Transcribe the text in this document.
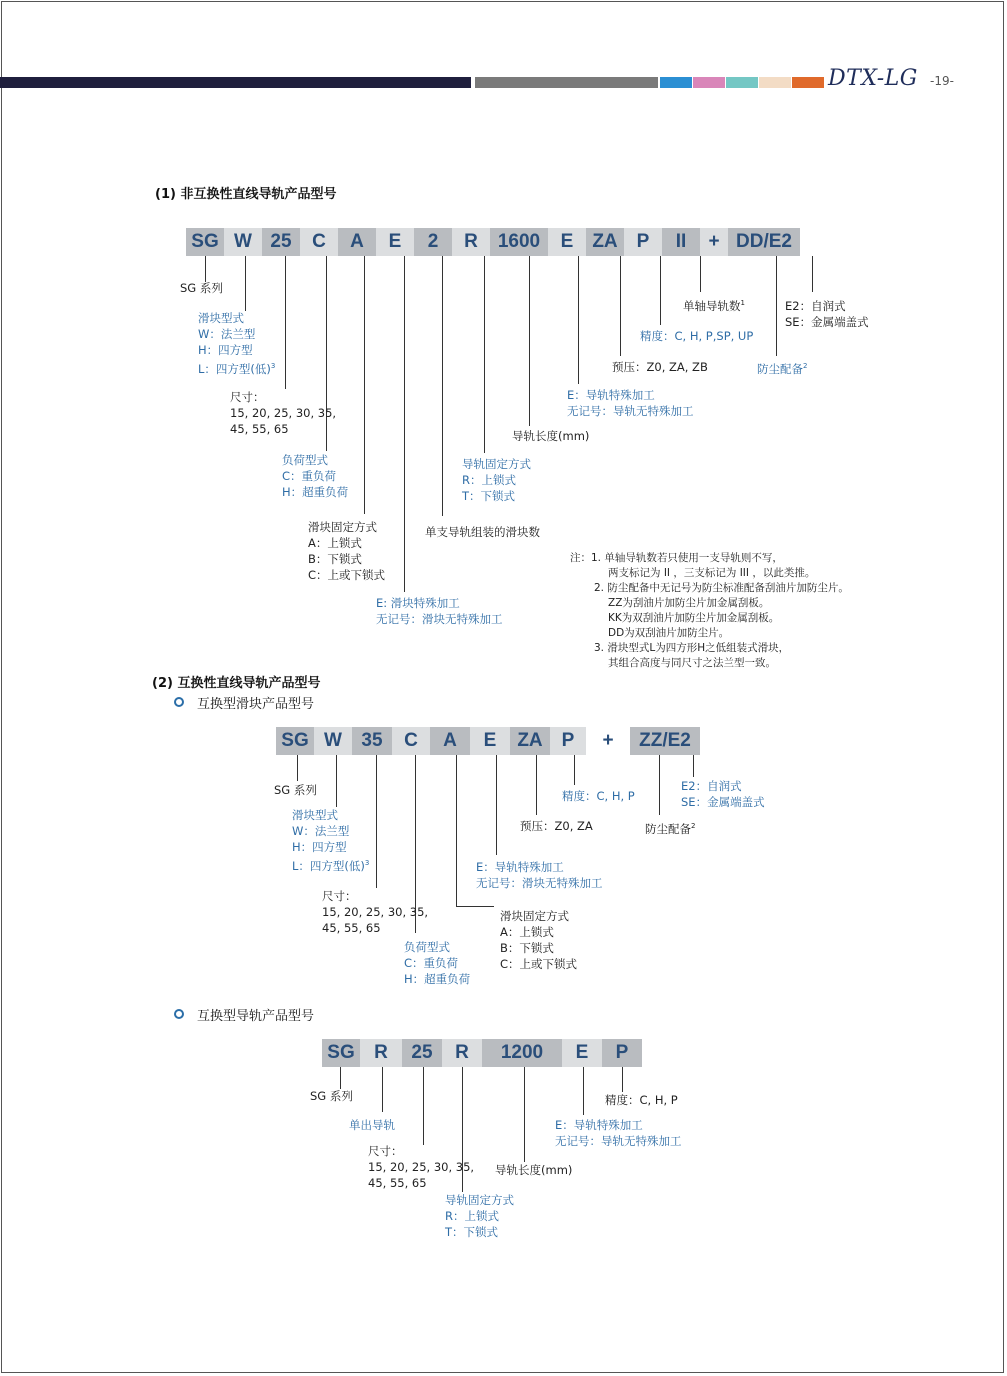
DTX-LG -19-
(1) 非互换性直线导轨产品型号
SG W 25	C	A	E	2	R	1600	E ZA	P	II	+ DD/E2
SG 系列
滑块型式
W：法兰型
H：四方型
L：四方型(低)$^3$
尺寸：
15, 20, 25, 30, 35,
45, 55, 65
负荷型式
C：重负荷
H：超重负荷
滑块固定方式
A：上锁式
B：下锁式
C：上或下锁式
E: 滑块特殊加工
无记号：滑块无特殊加工
单支导轨组装的滑块数
导轨固定方式
R：上锁式
T：下锁式
导轨长度(mm)
E：导轨特殊加工
无记号：导轨无特殊加工
预压：Z0, ZA, ZB
精度：C, H, P,SP, UP
单轴导轨数$^1$
防尘配备$^2$
E2：自润式
SE：金属端盖式
注：1. 单轴导轨数若只使用一支导轨则不写，
两支标记为 II ，三支标记为 III ，以此类推。
2. 防尘配备中无记号为防尘标准配备刮油片加防尘片。
ZZ为刮油片加防尘片加金属刮板。
KK为双刮油片加防尘片加金属刮板。
DD为双刮油片加防尘片。
3. 滑块型式L为四方形H之低组装式滑块，
其组合高度与同尺寸之法兰型一致。
(2) 互换性直线导轨产品型号
互换型滑块产品型号
SG W	35	C	A	E	ZA	P	+	ZZ/E2
SG 系列
滑块型式
W：法兰型
H：四方型
L：四方型(低)$^3$
尺寸：
15, 20, 25, 30, 35,
45, 55, 65
负荷型式
C：重负荷
H：超重负荷
滑块固定方式
A：上锁式
B：下锁式
C：上或下锁式
E：导轨特殊加工
无记号：滑块无特殊加工
预压：Z0, ZA
精度：C, H, P
防尘配备$^2$
E2：自润式
SE：金属端盖式
互换型导轨产品型号
SG	R	25	R	1200	E	P
SG 系列
单出导轨
尺寸：
15, 20, 25, 30, 35,
45, 55, 65
导轨固定方式
R：上锁式
T：下锁式
导轨长度(mm)
E：导轨特殊加工
无记号：导轨无特殊加工
精度：C, H, P
